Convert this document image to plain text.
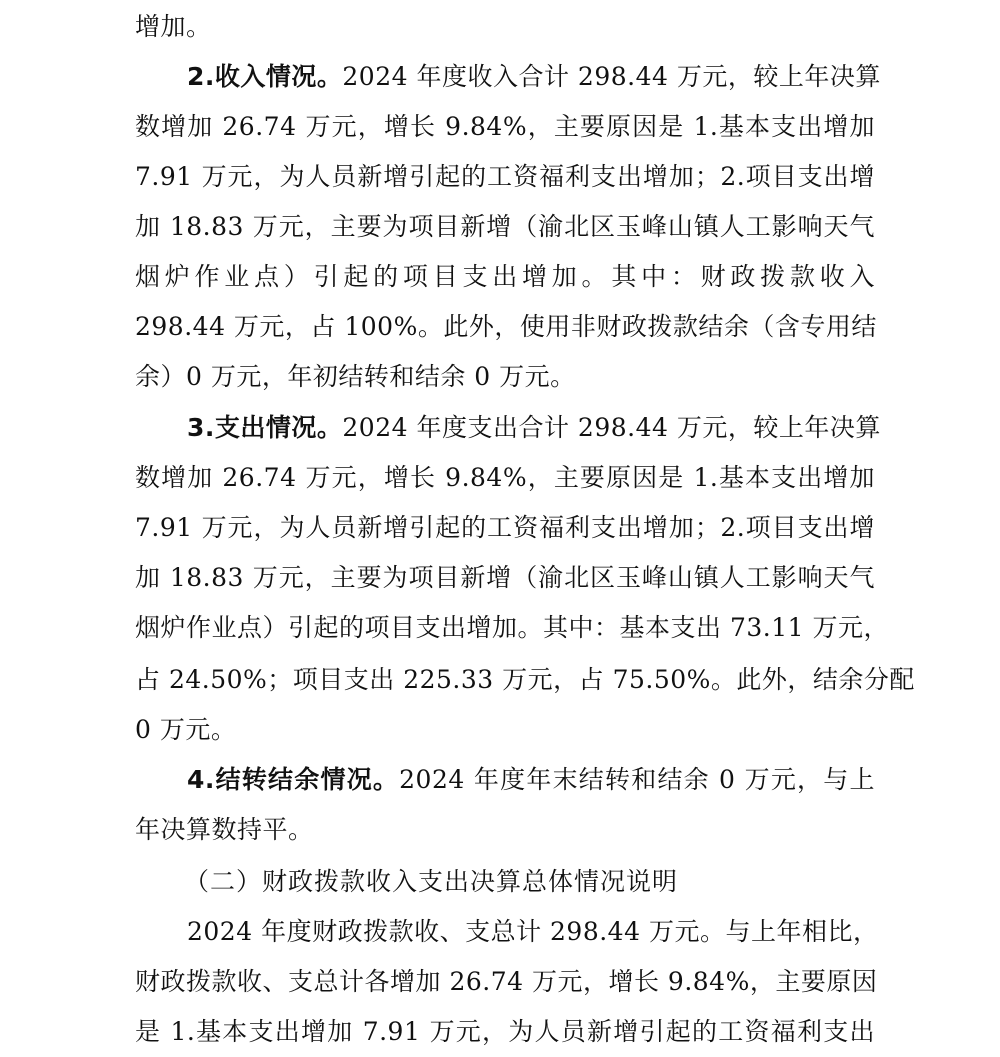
增加。
2.收入情况。2024 年度收入合计 298.44 万元，较上年决算
数增加 26.74 万元，增长 9.84%，主要原因是 1.基本支出增加
7.91 万元，为人员新增引起的工资福利支出增加；2.项目支出增
加 18.83 万元，主要为项目新增（渝北区玉峰山镇人工影响天气
烟炉作业点）引起的项目支出增加。其中：财政拨款收入
298.44 万元，占 100%。此外，使用非财政拨款结余（含专用结
余）0 万元，年初结转和结余 0 万元。
3.支出情况。2024 年度支出合计 298.44 万元，较上年决算
数增加 26.74 万元，增长 9.84%，主要原因是 1.基本支出增加
7.91 万元，为人员新增引起的工资福利支出增加；2.项目支出增
加 18.83 万元，主要为项目新增（渝北区玉峰山镇人工影响天气
烟炉作业点）引起的项目支出增加。其中：基本支出 73.11 万元，
占 24.50%；项目支出 225.33 万元，占 75.50%。此外，结余分配
0 万元。
4.结转结余情况。2024 年度年末结转和结余 0 万元，与上
年决算数持平。
（二）财政拨款收入支出决算总体情况说明
2024 年度财政拨款收、支总计 298.44 万元。与上年相比，
财政拨款收、支总计各增加 26.74 万元，增长 9.84%，主要原因
是 1.基本支出增加 7.91 万元，为人员新增引起的工资福利支出
